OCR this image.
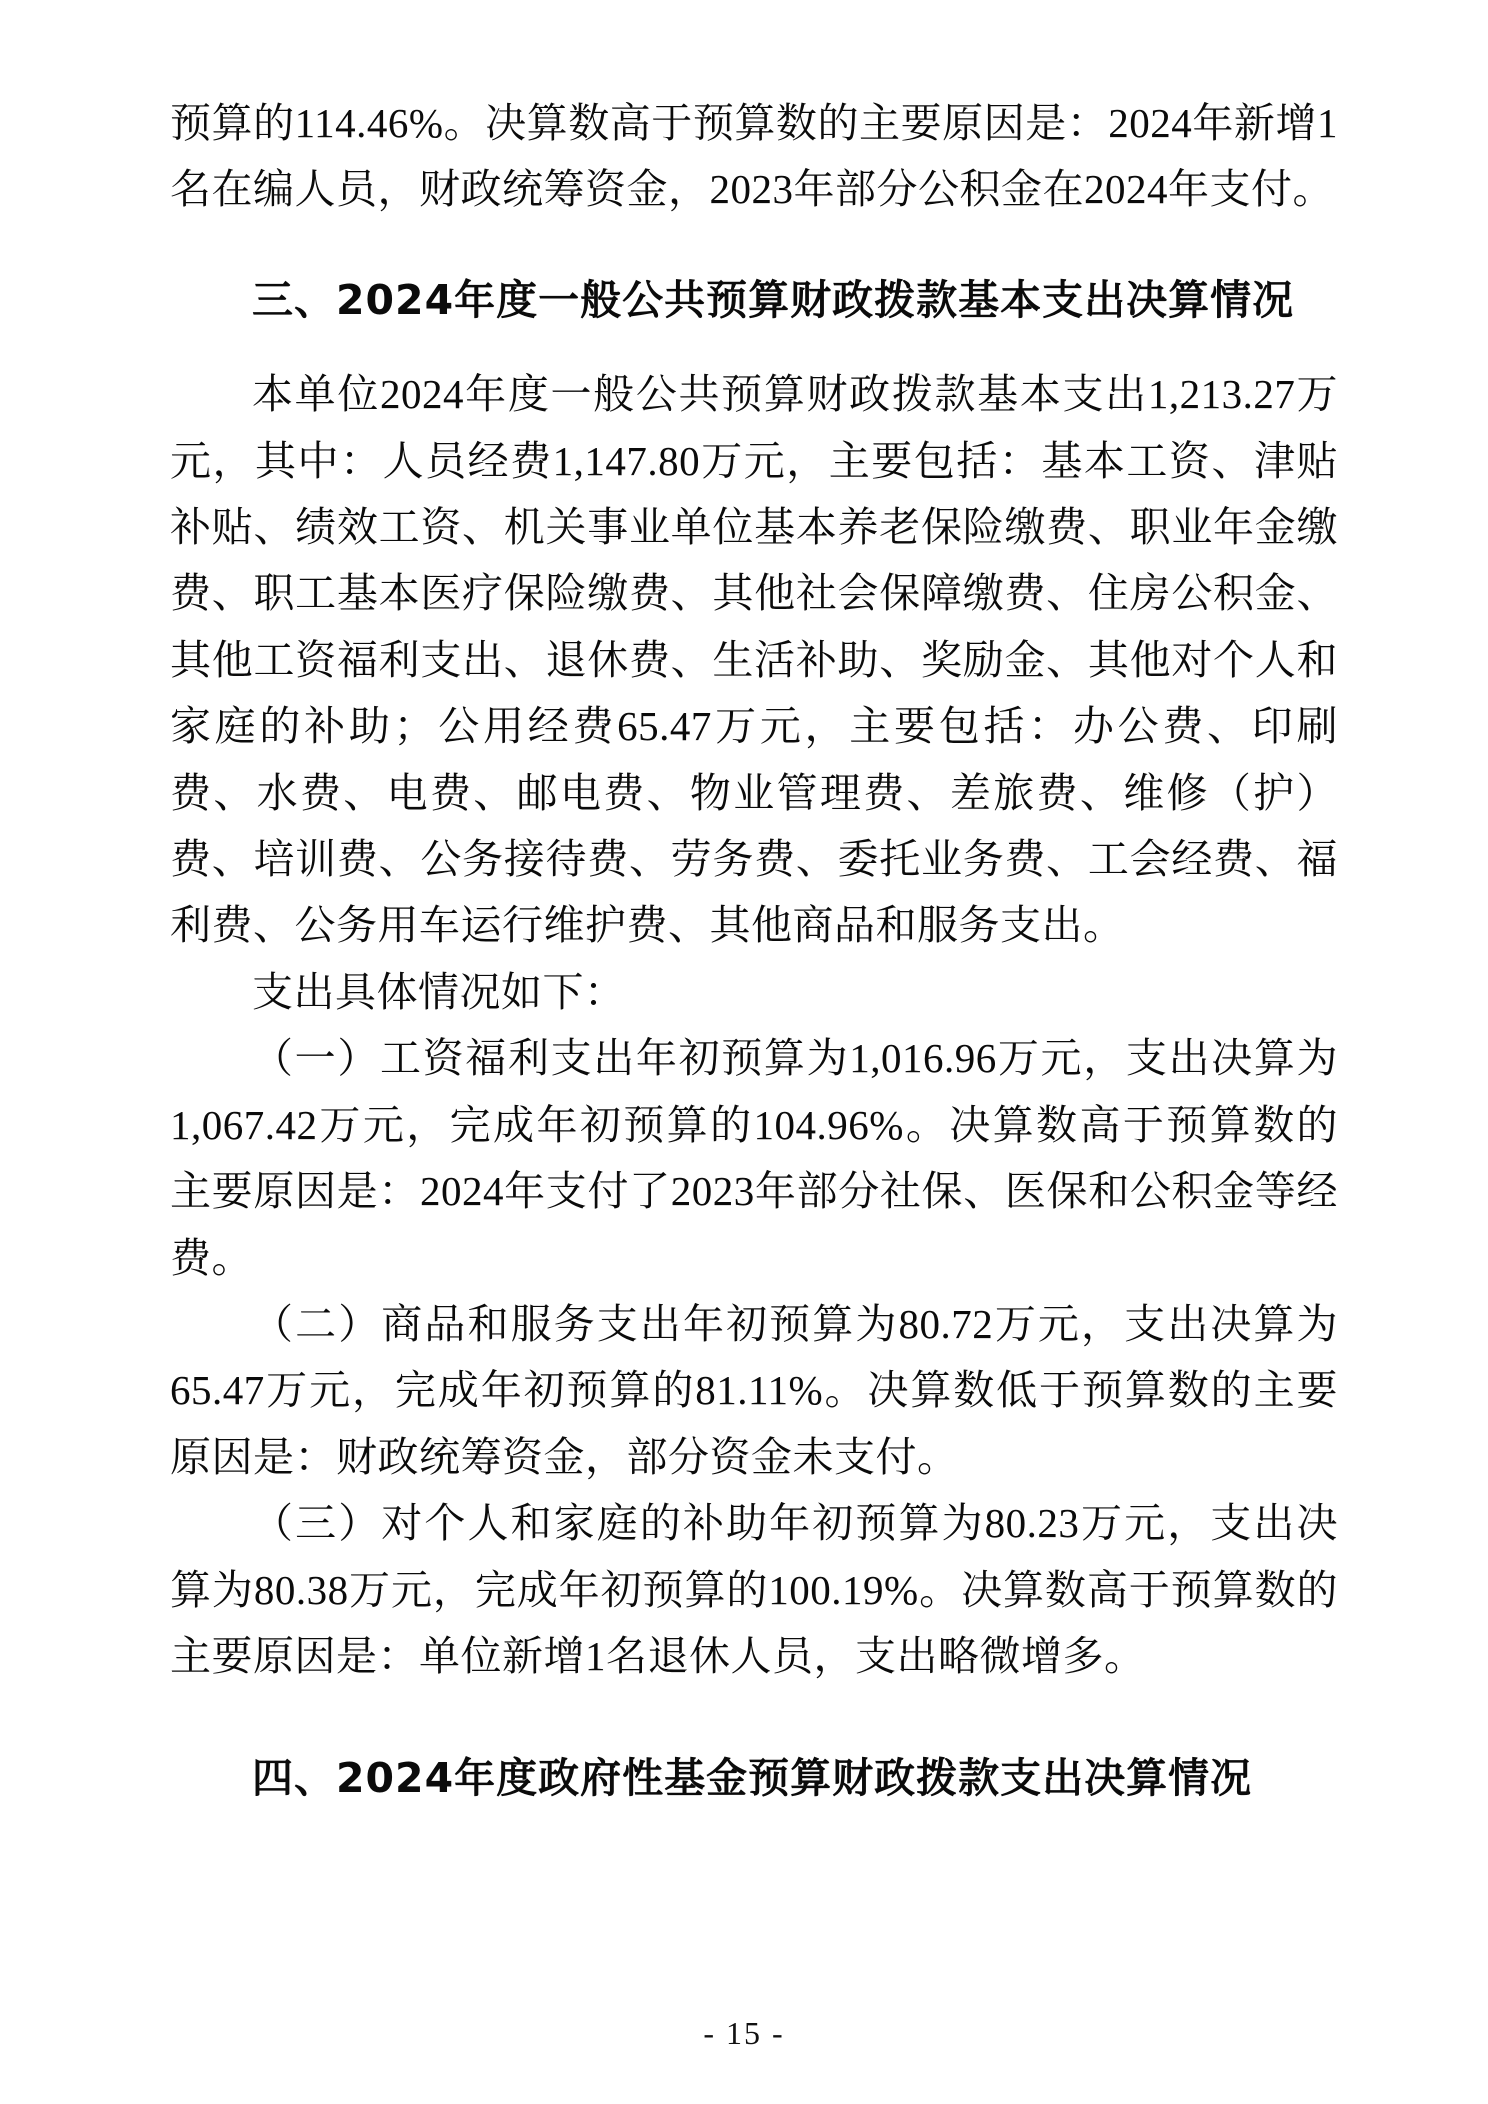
预算的114.46%。决算数高于预算数的主要原因是：2024年新增1名在编人员，财政统筹资金，2023年部分公积金在2024年支付。

三、2024年度一般公共预算财政拨款基本支出决算情况

本单位2024年度一般公共预算财政拨款基本支出1,213.27万元，其中：人员经费1,147.80万元，主要包括：基本工资、津贴补贴、绩效工资、机关事业单位基本养老保险缴费、职业年金缴费、职工基本医疗保险缴费、其他社会保障缴费、住房公积金、其他工资福利支出、退休费、生活补助、奖励金、其他对个人和家庭的补助；公用经费65.47万元，主要包括：办公费、印刷费、水费、电费、邮电费、物业管理费、差旅费、维修（护）费、培训费、公务接待费、劳务费、委托业务费、工会经费、福利费、公务用车运行维护费、其他商品和服务支出。

支出具体情况如下：

（一）工资福利支出年初预算为1,016.96万元，支出决算为1,067.42万元，完成年初预算的104.96%。决算数高于预算数的主要原因是：2024年支付了2023年部分社保、医保和公积金等经费。

（二）商品和服务支出年初预算为80.72万元，支出决算为65.47万元，完成年初预算的81.11%。决算数低于预算数的主要原因是：财政统筹资金，部分资金未支付。

（三）对个人和家庭的补助年初预算为80.23万元，支出决算为80.38万元，完成年初预算的100.19%。决算数高于预算数的主要原因是：单位新增1名退休人员，支出略微增多。

四、2024年度政府性基金预算财政拨款支出决算情况

- 15 -
